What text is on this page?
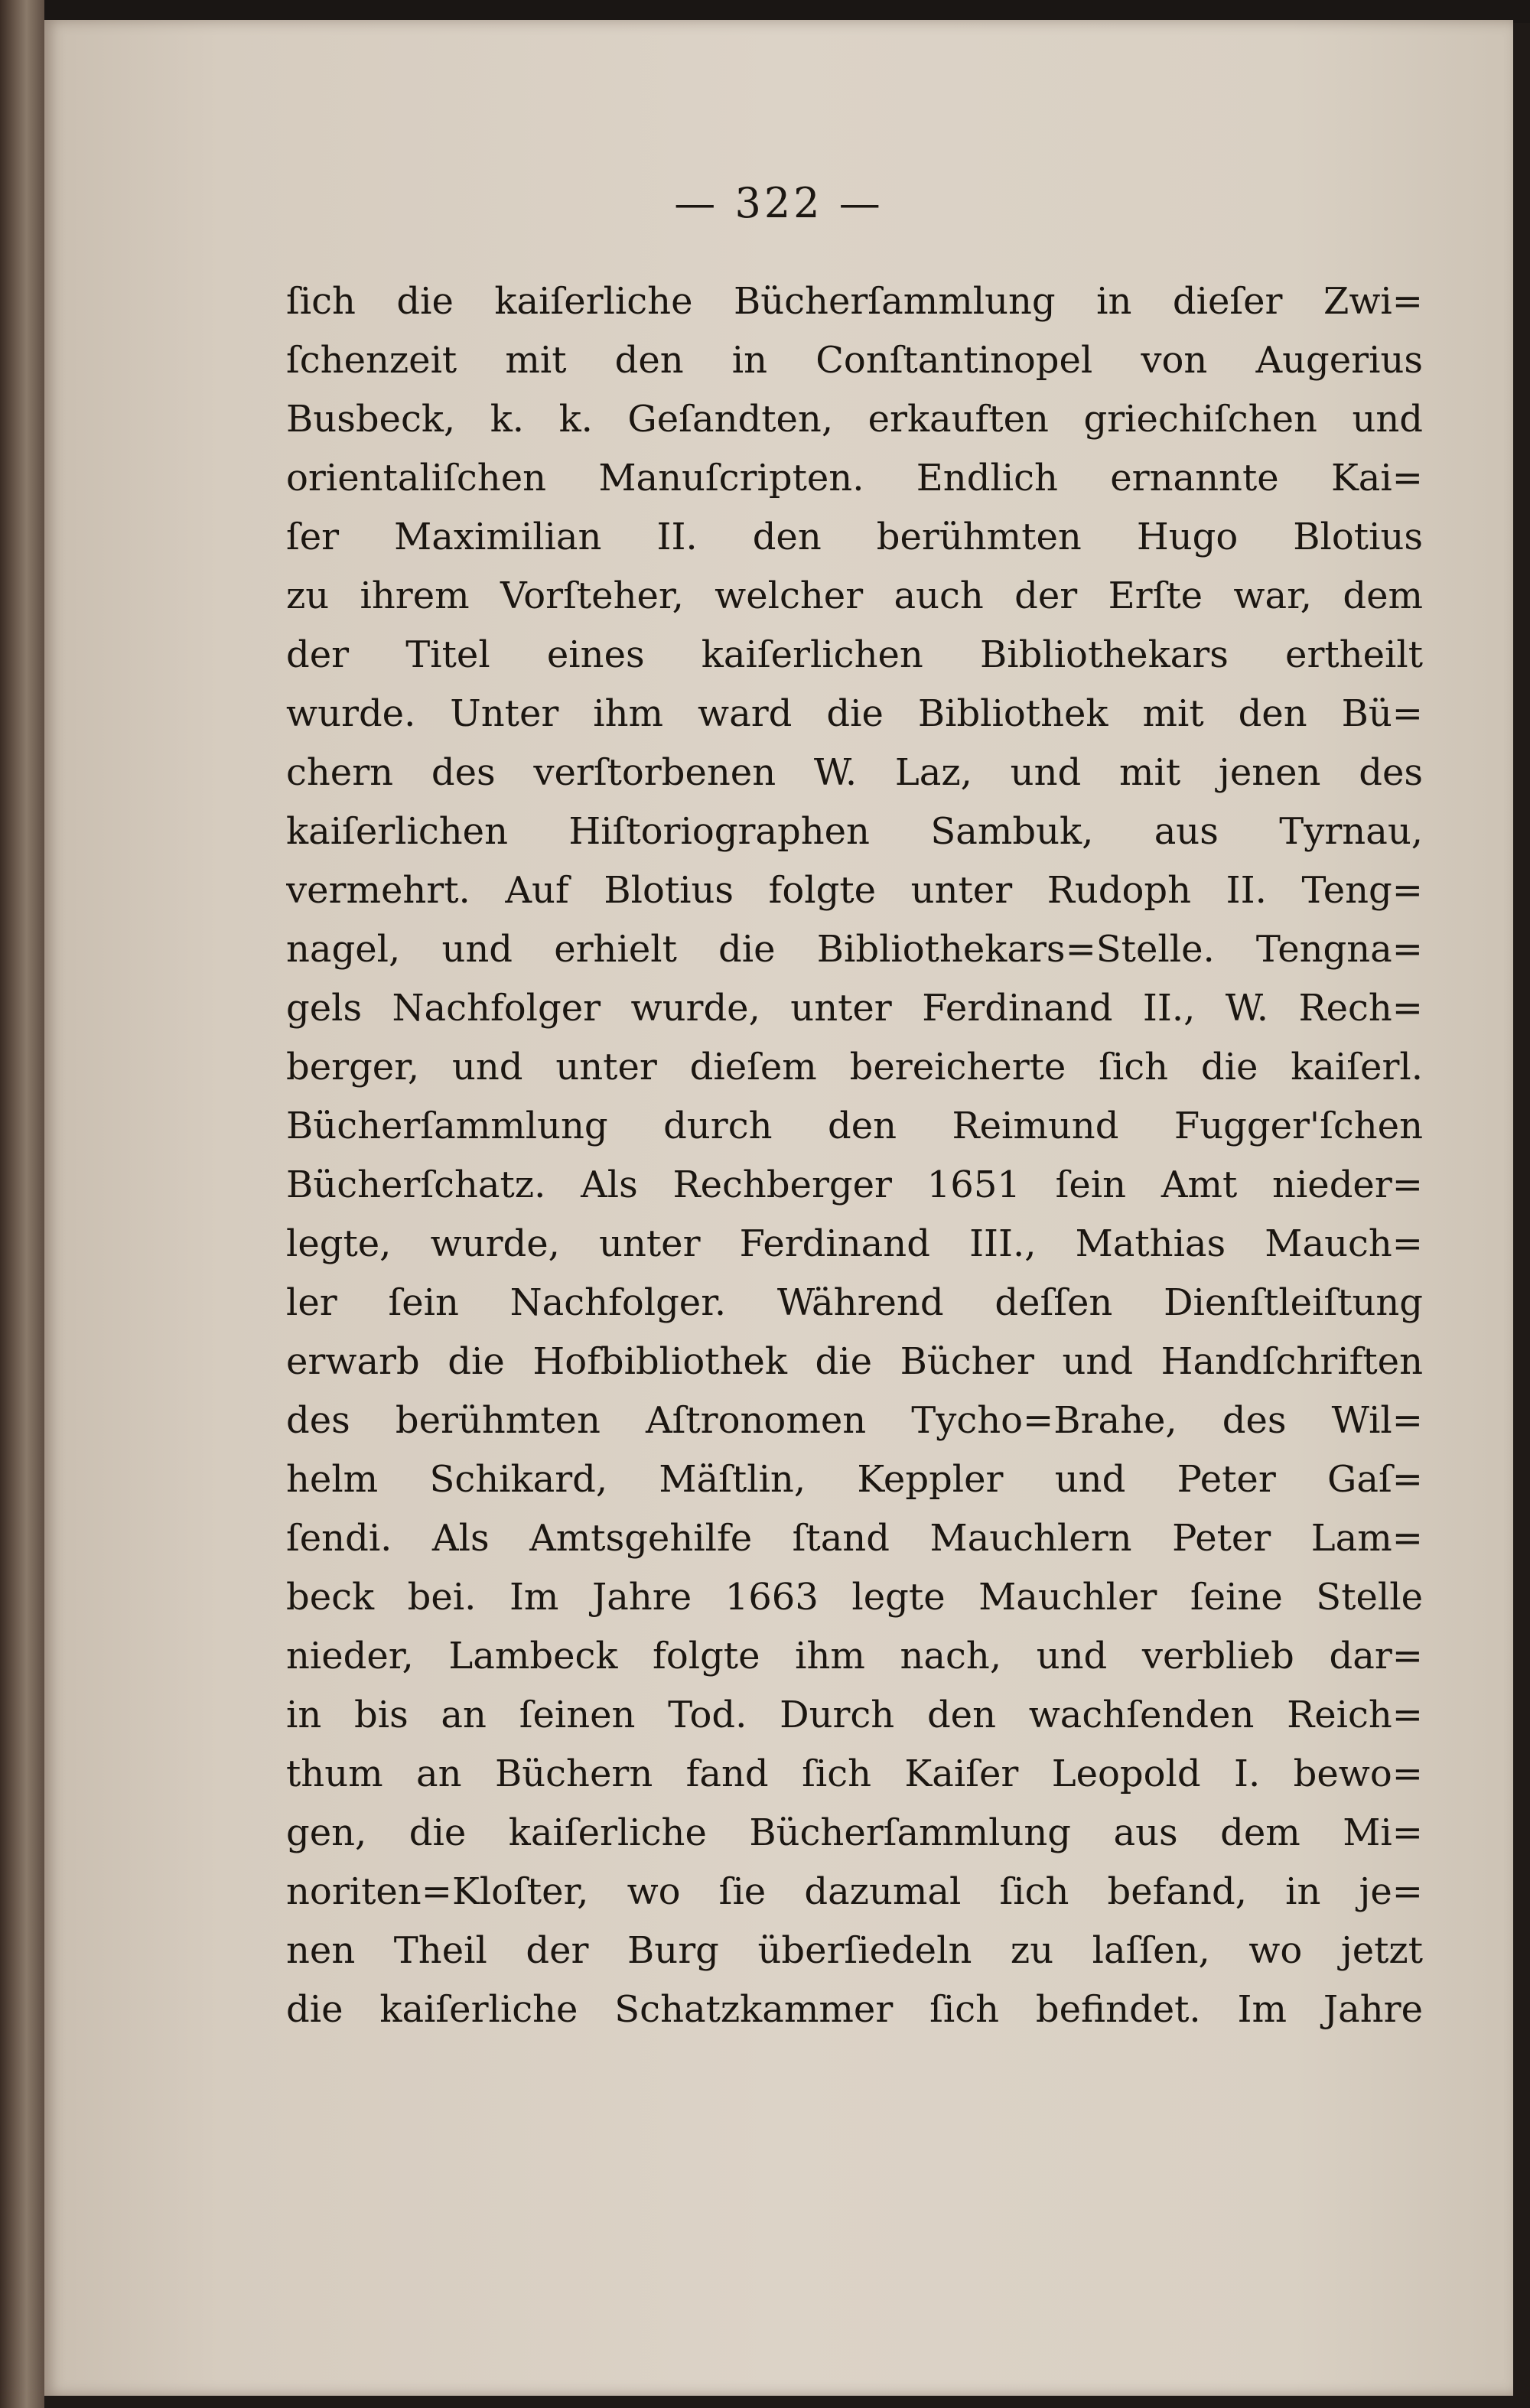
— 322 —
ſich die kaiſerliche Bücherſammlung in dieſer Zwi=
ſchenzeit mit den in Conſtantinopel von Augerius
Busbeck, k. k. Geſandten, erkauften griechiſchen und
orientaliſchen Manuſcripten. Endlich ernannte Kai=
ſer Maximilian II. den berühmten Hugo Blotius
zu ihrem Vorſteher, welcher auch der Erſte war, dem
der Titel eines kaiſerlichen Bibliothekars ertheilt
wurde. Unter ihm ward die Bibliothek mit den Bü=
chern des verſtorbenen W. Laz, und mit jenen des
kaiſerlichen Hiſtoriographen Sambuk, aus Tyrnau,
vermehrt. Auf Blotius folgte unter Rudoph II. Teng=
nagel, und erhielt die Bibliothekars=Stelle. Tengna=
gels Nachfolger wurde, unter Ferdinand II., W. Rech=
berger, und unter dieſem bereicherte ſich die kaiſerl.
Bücherſammlung durch den Reimund Fugger'ſchen
Bücherſchatz. Als Rechberger 1651 ſein Amt nieder=
legte, wurde, unter Ferdinand III., Mathias Mauch=
ler ſein Nachfolger. Während deſſen Dienſtleiſtung
erwarb die Hofbibliothek die Bücher und Handſchriften
des berühmten Aſtronomen Tycho=Brahe, des Wil=
helm Schikard, Mäſtlin, Keppler und Peter Gaſ=
ſendi. Als Amtsgehilfe ſtand Mauchlern Peter Lam=
beck bei. Im Jahre 1663 legte Mauchler ſeine Stelle
nieder, Lambeck folgte ihm nach, und verblieb dar=
in bis an ſeinen Tod. Durch den wachſenden Reich=
thum an Büchern fand ſich Kaiſer Leopold I. bewo=
gen, die kaiſerliche Bücherſammlung aus dem Mi=
noriten=Kloſter, wo ſie dazumal ſich befand, in je=
nen Theil der Burg überſiedeln zu laſſen, wo jetzt
die kaiſerliche Schatzkammer ſich befindet. Im Jahre
